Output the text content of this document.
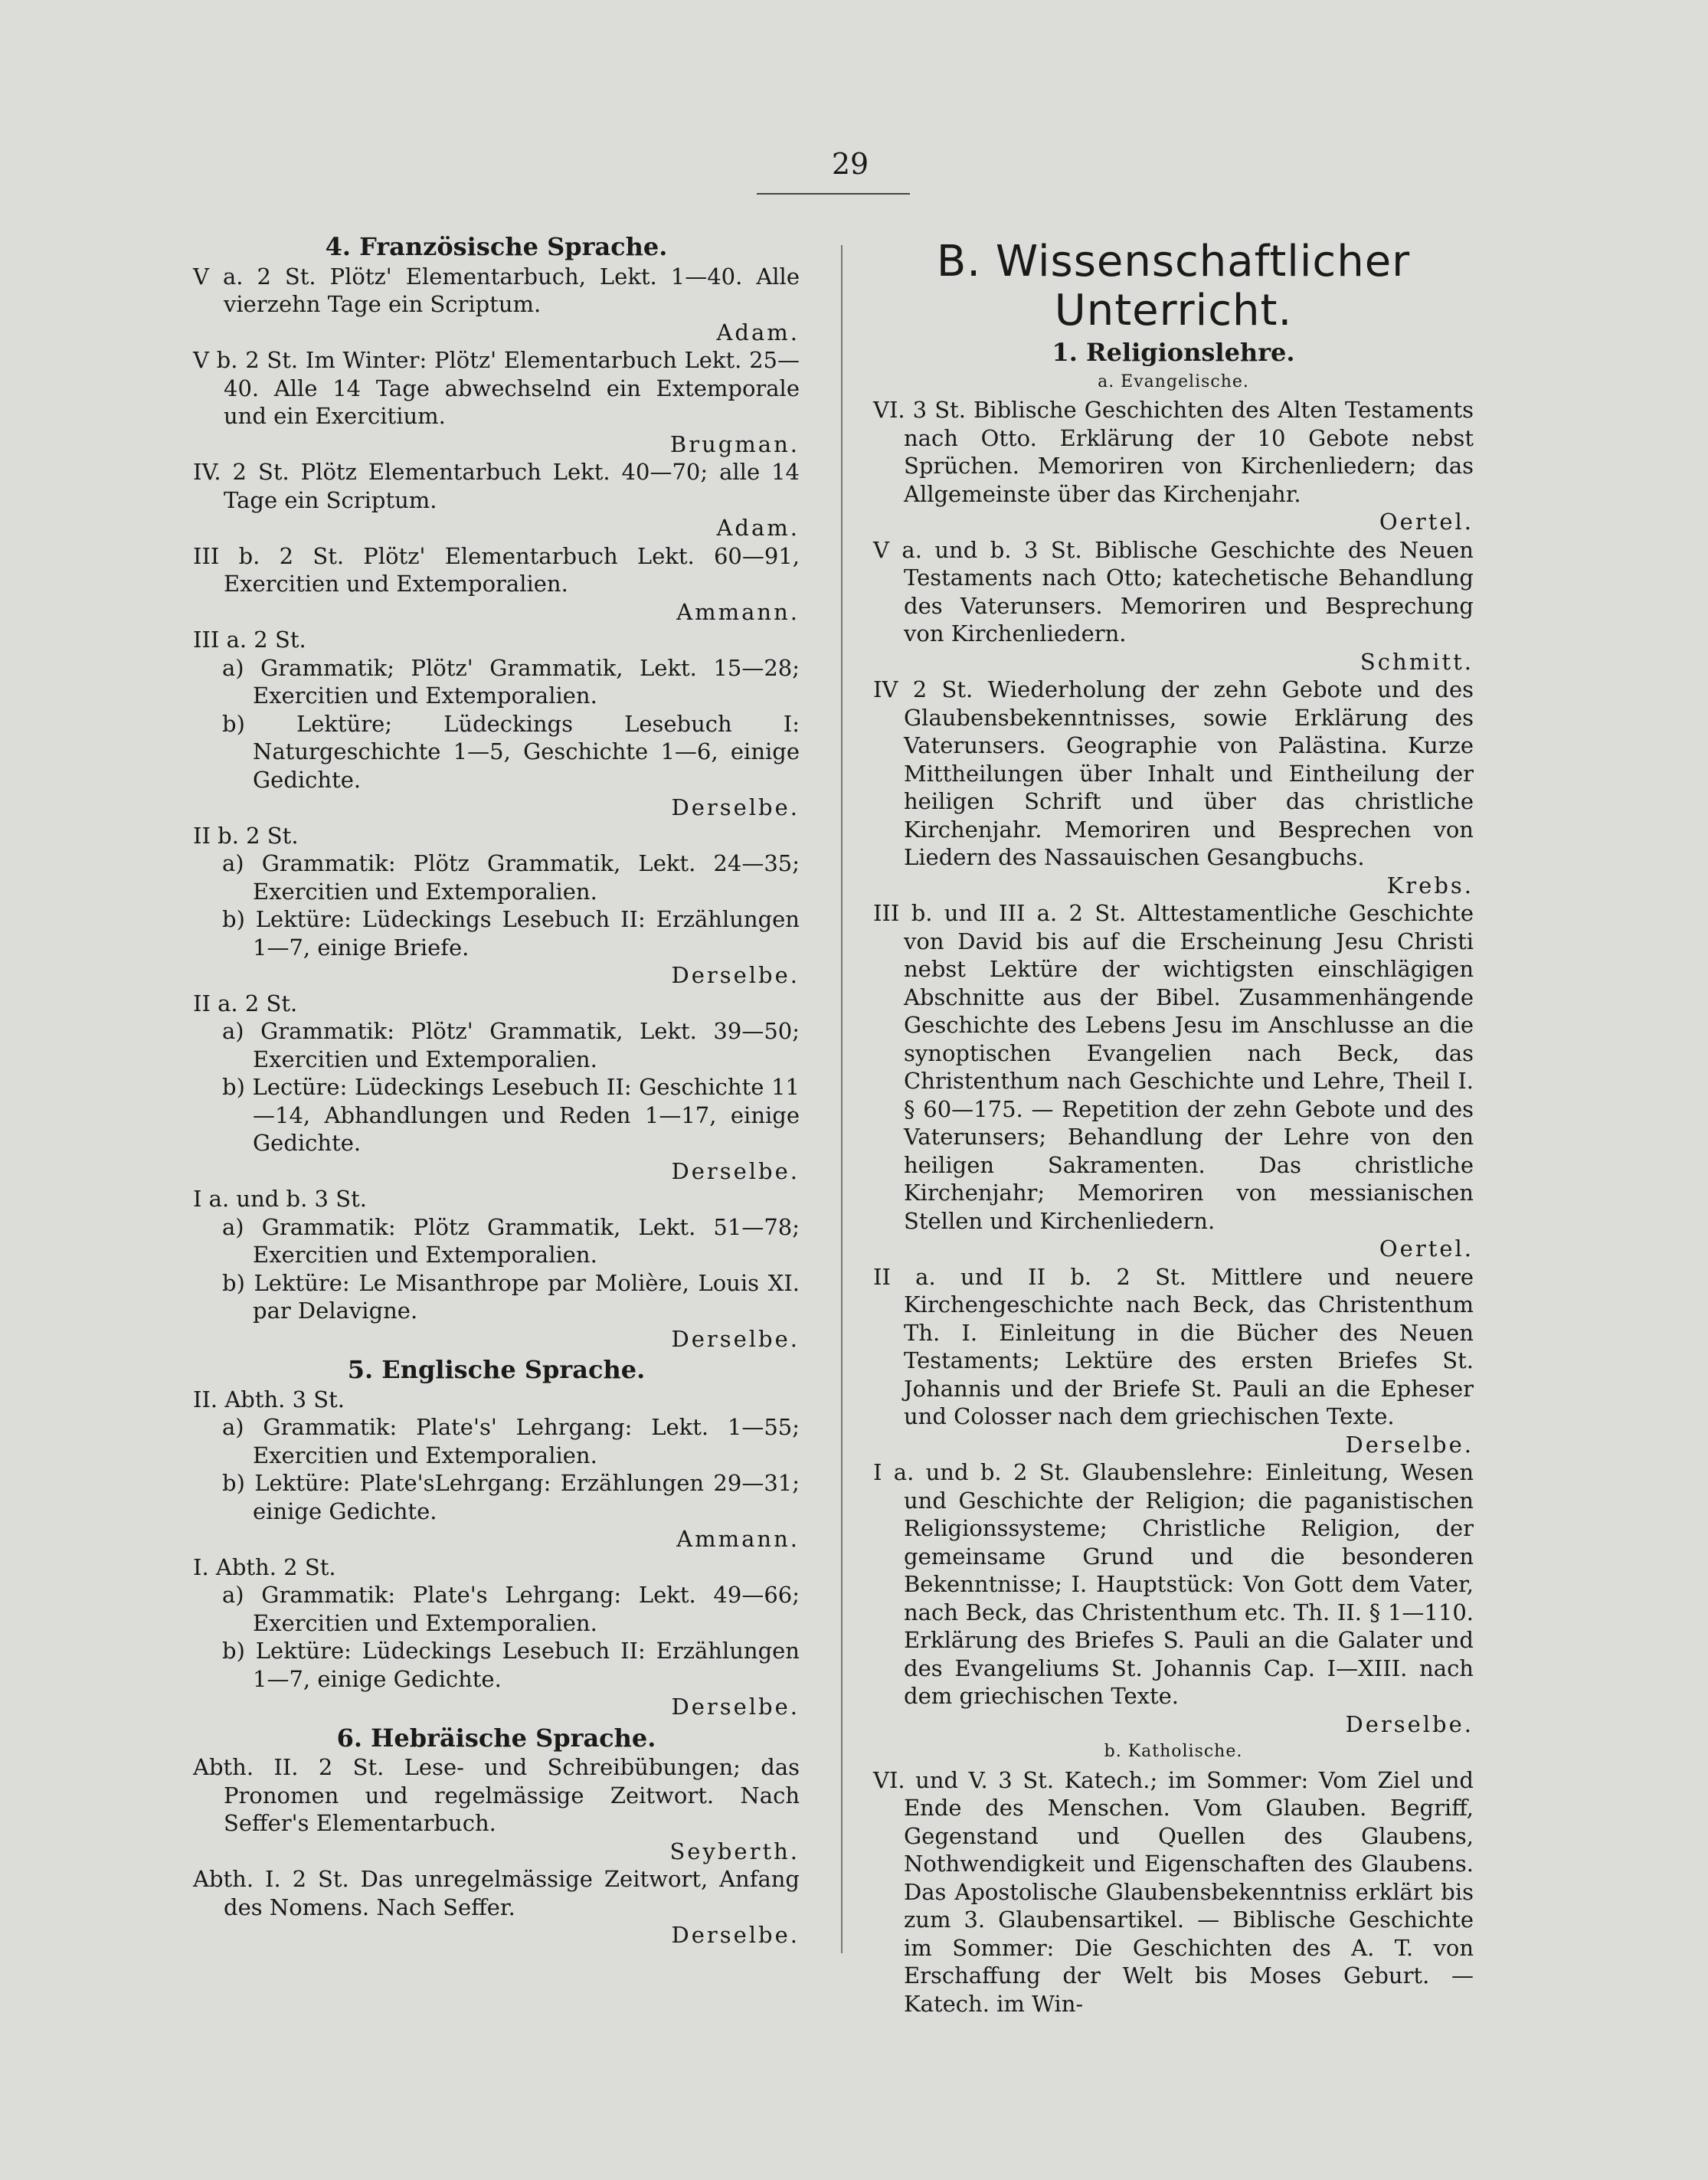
29

4. Französische Sprache.

V a. 2 St. Plötz' Elementarbuch, Lekt. 1—40. Alle vierzehn Tage ein Scriptum.

Adam.

V b. 2 St. Im Winter: Plötz' Elementarbuch Lekt. 25—40. Alle 14 Tage abwechselnd ein Extemporale und ein Exercitium.

Brugman.

IV. 2 St. Plötz Elementarbuch Lekt. 40—70; alle 14 Tage ein Scriptum.

Adam.

III b. 2 St. Plötz' Elementarbuch Lekt. 60—91, Exercitien und Extemporalien.

Ammann.

III a. 2 St.

a) Grammatik; Plötz' Grammatik, Lekt. 15—28; Exercitien und Extemporalien.

b) Lektüre; Lüdeckings Lesebuch I: Naturgeschichte 1—5, Geschichte 1—6, einige Gedichte.

Derselbe.

II b. 2 St.

a) Grammatik: Plötz Grammatik, Lekt. 24—35; Exercitien und Extemporalien.

b) Lektüre: Lüdeckings Lesebuch II: Erzählungen 1—7, einige Briefe.

Derselbe.

II a. 2 St.

a) Grammatik: Plötz' Grammatik, Lekt. 39—50; Exercitien und Extemporalien.

b) Lectüre: Lüdeckings Lesebuch II: Geschichte 11—14, Abhandlungen und Reden 1—17, einige Gedichte.

Derselbe.

I a. und b. 3 St.

a) Grammatik: Plötz Grammatik, Lekt. 51—78; Exercitien und Extemporalien.

b) Lektüre: Le Misanthrope par Molière, Louis XI. par Delavigne.

Derselbe.

5. Englische Sprache.

II. Abth. 3 St.

a) Grammatik: Plate's' Lehrgang: Lekt. 1—55; Exercitien und Extemporalien.

b) Lektüre: Plate'sLehrgang: Erzählungen 29—31; einige Gedichte.

Ammann.

I. Abth. 2 St.

a) Grammatik: Plate's Lehrgang: Lekt. 49—66; Exercitien und Extemporalien.

b) Lektüre: Lüdeckings Lesebuch II: Erzählungen 1—7, einige Gedichte.

Derselbe.

6. Hebräische Sprache.

Abth. II. 2 St. Lese- und Schreibübungen; das Pronomen und regelmässige Zeitwort. Nach Seffer's Elementarbuch.

Seyberth.

Abth. I. 2 St. Das unregelmässige Zeitwort, Anfang des Nomens. Nach Seffer.

Derselbe.

B. Wissenschaftlicher Unterricht.

1. Religionslehre.

a. Evangelische.

VI. 3 St. Biblische Geschichten des Alten Testaments nach Otto. Erklärung der 10 Gebote nebst Sprüchen. Memoriren von Kirchenliedern; das Allgemeinste über das Kirchenjahr.

Oertel.

V a. und b. 3 St. Biblische Geschichte des Neuen Testaments nach Otto; katechetische Behandlung des Vaterunsers. Memoriren und Besprechung von Kirchenliedern.

Schmitt.

IV 2 St. Wiederholung der zehn Gebote und des Glaubensbekenntnisses, sowie Erklärung des Vaterunsers. Geographie von Palästina. Kurze Mittheilungen über Inhalt und Eintheilung der heiligen Schrift und über das christliche Kirchenjahr. Memoriren und Besprechen von Liedern des Nassauischen Gesangbuchs.

Krebs.

III b. und III a. 2 St. Alttestamentliche Geschichte von David bis auf die Erscheinung Jesu Christi nebst Lektüre der wichtigsten einschlägigen Abschnitte aus der Bibel. Zusammenhängende Geschichte des Lebens Jesu im Anschlusse an die synoptischen Evangelien nach Beck, das Christenthum nach Geschichte und Lehre, Theil I. § 60—175. — Repetition der zehn Gebote und des Vaterunsers; Behandlung der Lehre von den heiligen Sakramenten. Das christliche Kirchenjahr; Memoriren von messianischen Stellen und Kirchenliedern.

Oertel.

II a. und II b. 2 St. Mittlere und neuere Kirchengeschichte nach Beck, das Christenthum Th. I. Einleitung in die Bücher des Neuen Testaments; Lektüre des ersten Briefes St. Johannis und der Briefe St. Pauli an die Epheser und Colosser nach dem griechischen Texte.

Derselbe.

I a. und b. 2 St. Glaubenslehre: Einleitung, Wesen und Geschichte der Religion; die paganistischen Religionssysteme; Christliche Religion, der gemeinsame Grund und die besonderen Bekenntnisse; I. Hauptstück: Von Gott dem Vater, nach Beck, das Christenthum etc. Th. II. § 1—110. Erklärung des Briefes S. Pauli an die Galater und des Evangeliums St. Johannis Cap. I—XIII. nach dem griechischen Texte.

Derselbe.

b. Katholische.

VI. und V. 3 St. Katech.; im Sommer: Vom Ziel und Ende des Menschen. Vom Glauben. Begriff, Gegenstand und Quellen des Glaubens, Nothwendigkeit und Eigenschaften des Glaubens. Das Apostolische Glaubensbekenntniss erklärt bis zum 3. Glaubensartikel. — Biblische Geschichte im Sommer: Die Geschichten des A. T. von Erschaffung der Welt bis Moses Geburt. — Katech. im Win-
